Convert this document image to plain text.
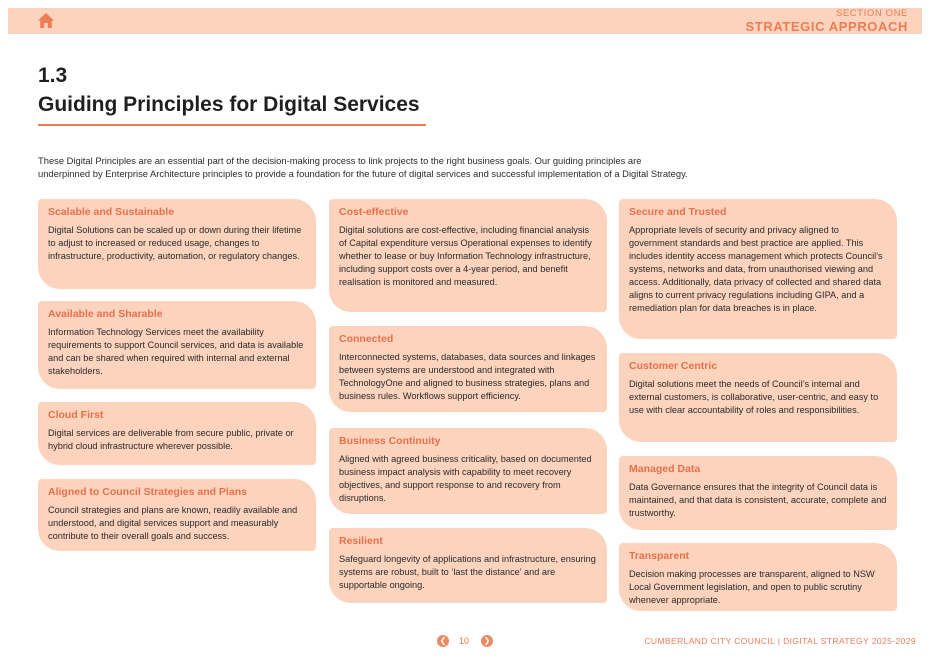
SECTION ONE
STRATEGIC APPROACH
1.3
Guiding Principles for Digital Services
These Digital Principles are an essential part of the decision-making process to link projects to the right business goals. Our guiding principles are
underpinned by Enterprise Architecture principles to provide a foundation for the future of digital services and successful implementation of a Digital Strategy.
Scalable and Sustainable
Digital Solutions can be scaled up or down during their lifetime to adjust to increased or reduced usage, changes to infrastructure, productivity, automation, or regulatory changes.
Available and Sharable
Information Technology Services meet the availability requirements to support Council services, and data is available and can be shared when required with internal and external stakeholders.
Cloud First
Digital services are deliverable from secure public, private or hybrid cloud infrastructure wherever possible.
Aligned to Council Strategies and Plans
Council strategies and plans are known, readily available and understood, and digital services support and measurably contribute to their overall goals and success.
Cost-effective
Digital solutions are cost-effective, including financial analysis of Capital expenditure versus Operational expenses to identify whether to lease or buy Information Technology infrastructure, including support costs over a 4-year period, and benefit realisation is monitored and measured.
Connected
Interconnected systems, databases, data sources and linkages between systems are understood and integrated with TechnologyOne and aligned to business strategies, plans and business rules. Workflows support efficiency.
Business Continuity
Aligned with agreed business criticality, based on documented business impact analysis with capability to meet recovery objectives, and support response to and recovery from disruptions.
Resilient
Safeguard longevity of applications and infrastructure, ensuring systems are robust, built to ‘last the distance’ and are supportable ongoing.
Secure and Trusted
Appropriate levels of security and privacy aligned to government standards and best practice are applied. This includes identity access management which protects Council’s systems, networks and data, from unauthorised viewing and access. Additionally, data privacy of collected and shared data aligns to current privacy regulations including GIPA, and a remediation plan for data breaches is in place.
Customer Centric
Digital solutions meet the needs of Council’s internal and external customers, is collaborative, user-centric, and easy to use with clear accountability of roles and responsibilities.
Managed Data
Data Governance ensures that the integrity of Council data is maintained, and that data is consistent, accurate, complete and trustworthy.
Transparent
Decision making processes are transparent, aligned to NSW Local Government legislation, and open to public scrutiny whenever appropriate.
❮ 10	❯	CUMBERLAND CITY COUNCIL | DIGITAL STRATEGY 2025-2029
